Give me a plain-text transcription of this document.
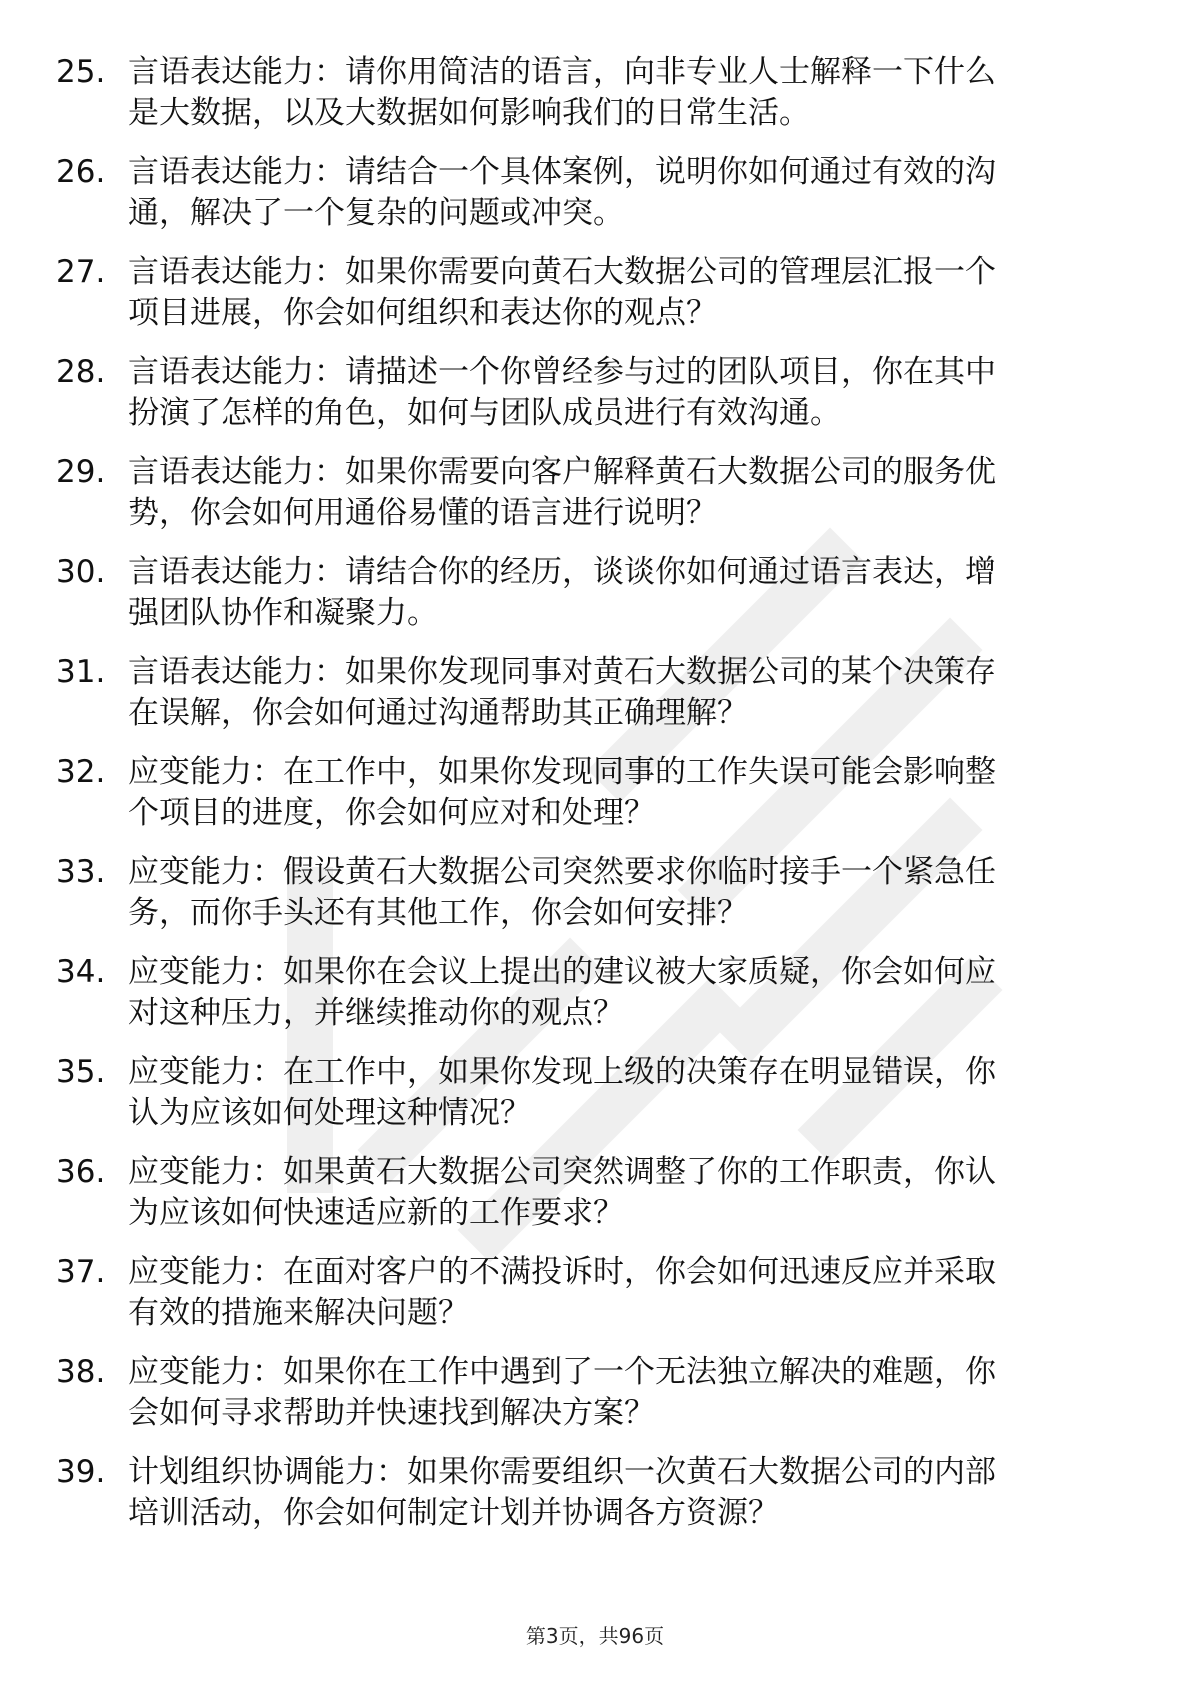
25. 言语表达能力：请你用简洁的语言，向非专业人士解释一下什么
是大数据，以及大数据如何影响我们的日常生活。
26. 言语表达能力：请结合一个具体案例，说明你如何通过有效的沟
通，解决了一个复杂的问题或冲突。
27. 言语表达能力：如果你需要向黄石大数据公司的管理层汇报一个
项目进展，你会如何组织和表达你的观点？
28. 言语表达能力：请描述一个你曾经参与过的团队项目，你在其中
扮演了怎样的角色，如何与团队成员进行有效沟通。
29. 言语表达能力：如果你需要向客户解释黄石大数据公司的服务优
势，你会如何用通俗易懂的语言进行说明？
30. 言语表达能力：请结合你的经历，谈谈你如何通过语言表达，增
强团队协作和凝聚力。
31. 言语表达能力：如果你发现同事对黄石大数据公司的某个决策存
在误解，你会如何通过沟通帮助其正确理解？
32. 应变能力：在工作中，如果你发现同事的工作失误可能会影响整
个项目的进度，你会如何应对和处理？
33. 应变能力：假设黄石大数据公司突然要求你临时接手一个紧急任
务，而你手头还有其他工作，你会如何安排？
34. 应变能力：如果你在会议上提出的建议被大家质疑，你会如何应
对这种压力，并继续推动你的观点？
35. 应变能力：在工作中，如果你发现上级的决策存在明显错误，你
认为应该如何处理这种情况？
36. 应变能力：如果黄石大数据公司突然调整了你的工作职责，你认
为应该如何快速适应新的工作要求？
37. 应变能力：在面对客户的不满投诉时，你会如何迅速反应并采取
有效的措施来解决问题？
38. 应变能力：如果你在工作中遇到了一个无法独立解决的难题，你
会如何寻求帮助并快速找到解决方案？
39. 计划组织协调能力：如果你需要组织一次黄石大数据公司的内部
培训活动，你会如何制定计划并协调各方资源？
第3页，共96页
